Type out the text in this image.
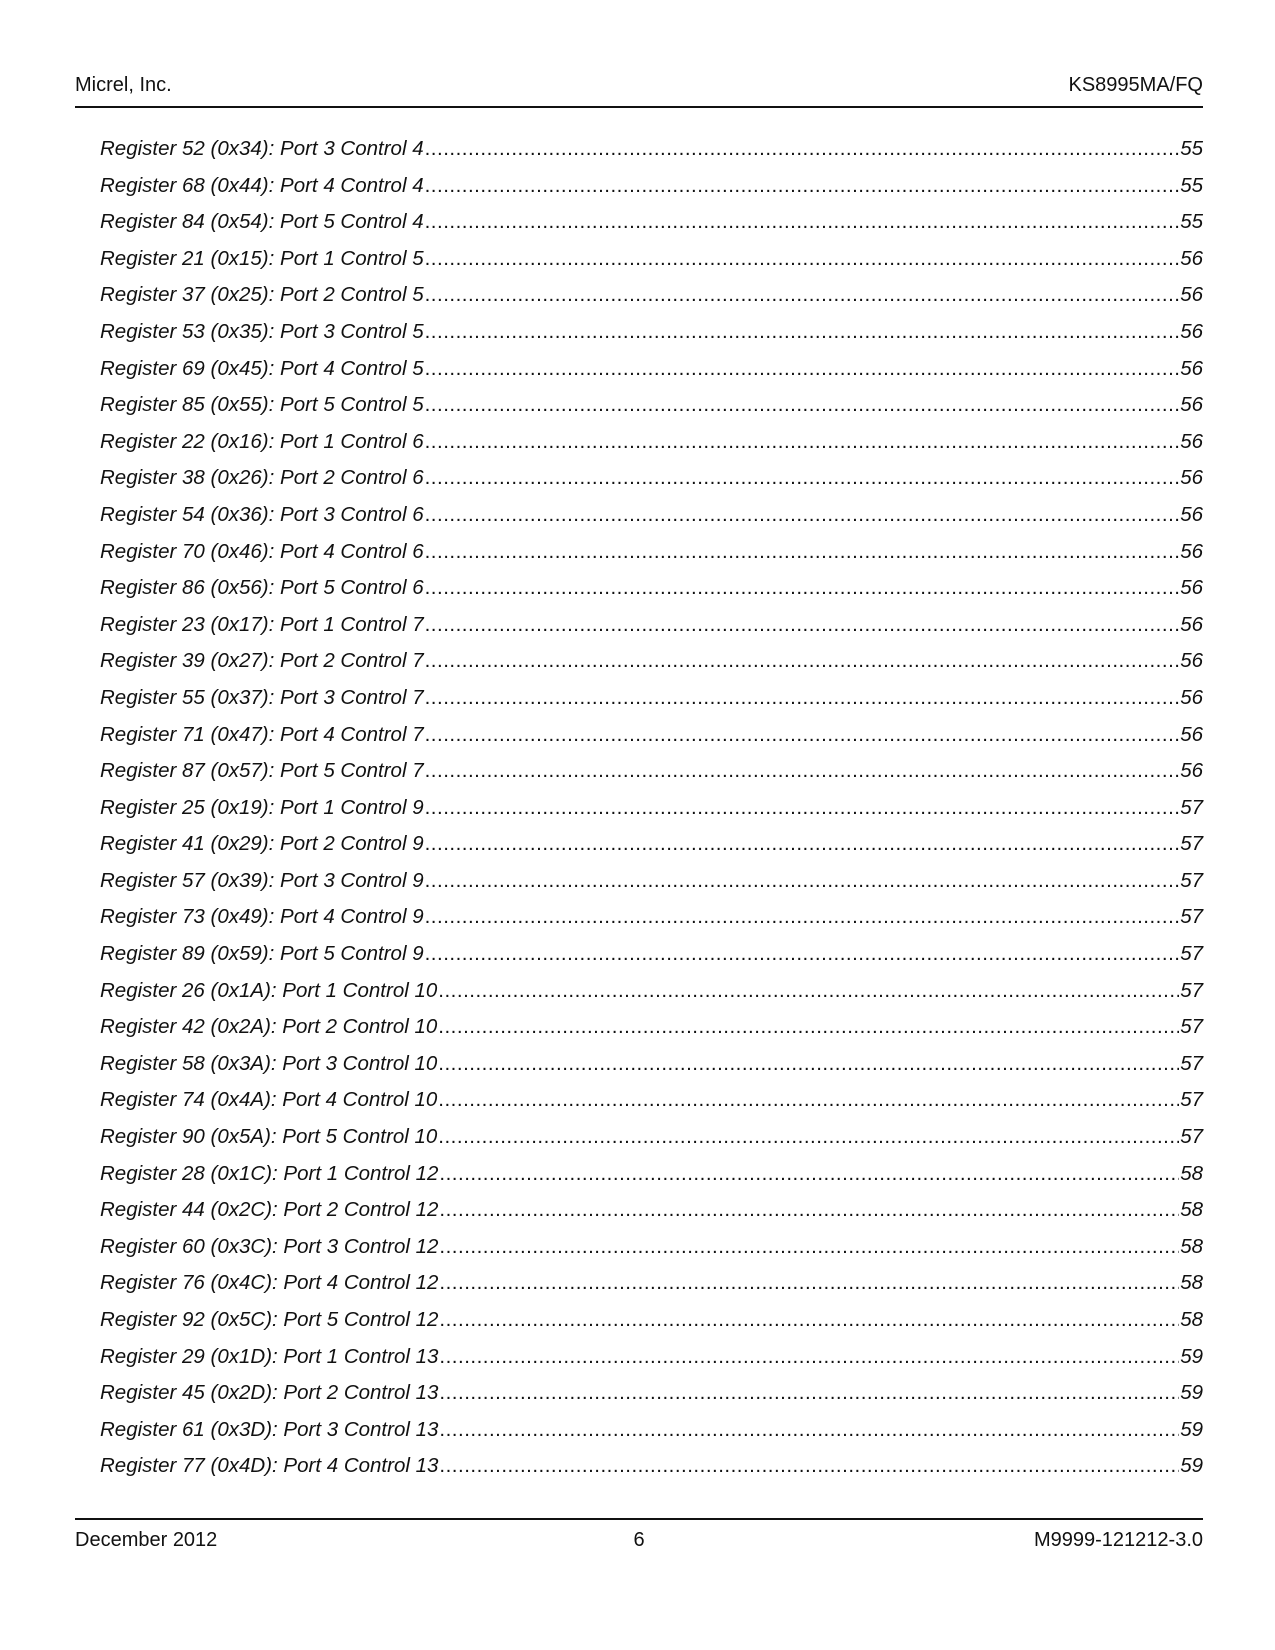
Micrel, Inc.	KS8995MA/FQ
Register 52 (0x34): Port 3 Control 4 .....	55
Register 68 (0x44): Port 4 Control 4 .....	55
Register 84 (0x54): Port 5 Control 4 .....	55
Register 21 (0x15): Port 1 Control 5 .....	56
Register 37 (0x25): Port 2 Control 5 .....	56
Register 53 (0x35): Port 3 Control 5 .....	56
Register 69 (0x45): Port 4 Control 5 .....	56
Register 85 (0x55): Port 5 Control 5 .....	56
Register 22 (0x16): Port 1 Control 6 .....	56
Register 38 (0x26): Port 2 Control 6 .....	56
Register 54 (0x36): Port 3 Control 6 .....	56
Register 70 (0x46): Port 4 Control 6 .....	56
Register 86 (0x56): Port 5 Control 6 .....	56
Register 23 (0x17): Port 1 Control 7 .....	56
Register 39 (0x27): Port 2 Control 7 .....	56
Register 55 (0x37): Port 3 Control 7 .....	56
Register 71 (0x47): Port 4 Control 7 .....	56
Register 87 (0x57): Port 5 Control 7 .....	56
Register 25 (0x19): Port 1 Control 9 .....	57
Register 41 (0x29): Port 2 Control 9 .....	57
Register 57 (0x39): Port 3 Control 9 .....	57
Register 73 (0x49): Port 4 Control 9 .....	57
Register 89 (0x59): Port 5 Control 9 .....	57
Register 26 (0x1A): Port 1 Control 10 .....	57
Register 42 (0x2A): Port 2 Control 10 .....	57
Register 58 (0x3A): Port 3 Control 10 .....	57
Register 74 (0x4A): Port 4 Control 10 .....	57
Register 90 (0x5A): Port 5 Control 10 .....	57
Register 28 (0x1C): Port 1 Control 12 .....	58
Register 44 (0x2C): Port 2 Control 12 .....	58
Register 60 (0x3C): Port 3 Control 12 .....	58
Register 76 (0x4C): Port 4 Control 12 .....	58
Register 92 (0x5C): Port 5 Control 12 .....	58
Register 29 (0x1D): Port 1 Control 13 .....	59
Register 45 (0x2D): Port 2 Control 13 .....	59
Register 61 (0x3D): Port 3 Control 13 .....	59
Register 77 (0x4D): Port 4 Control 13 .....	59
December 2012	6	M9999-121212-3.0
